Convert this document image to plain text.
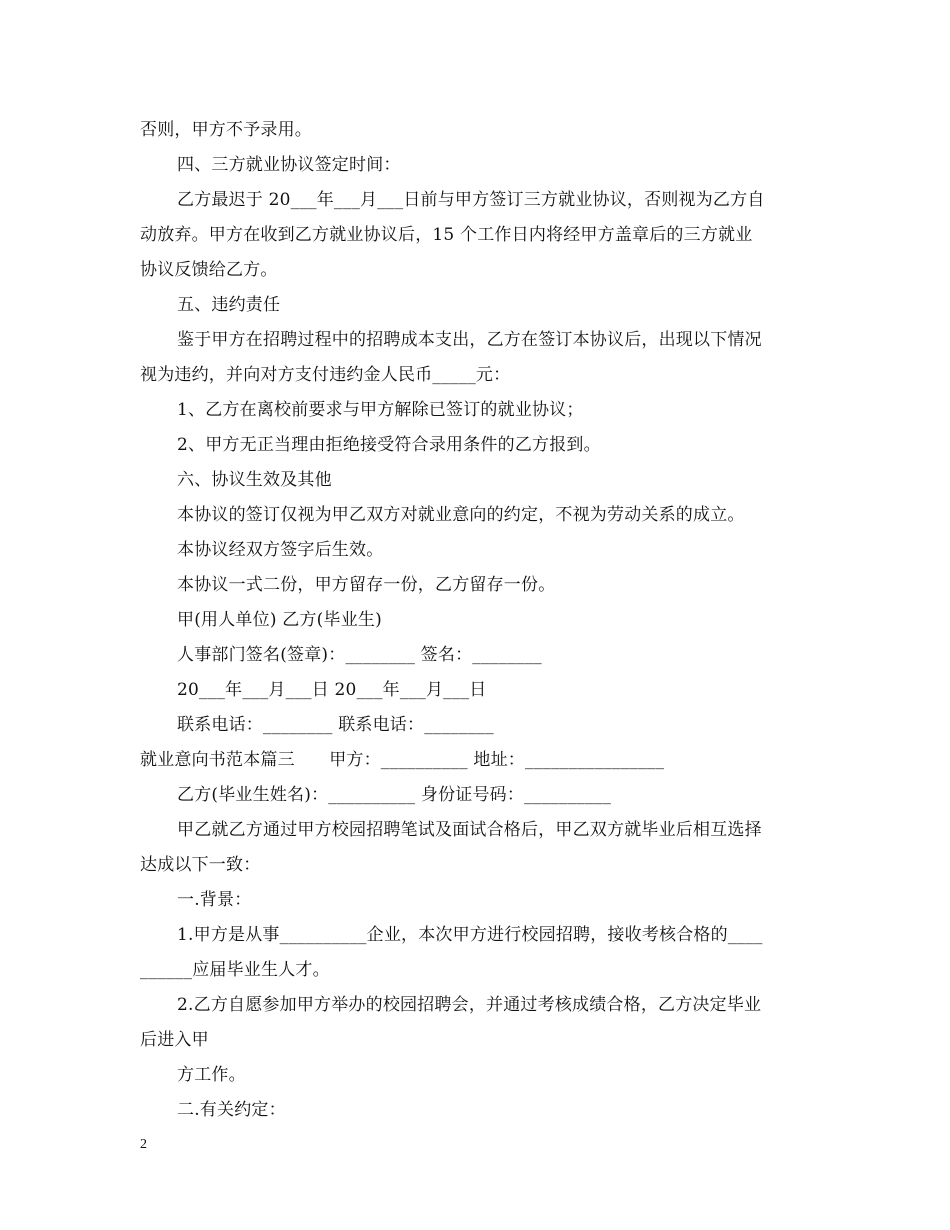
否则，甲方不予录用。
四、三方就业协议签定时间：
乙方最迟于 20___年___月___日前与甲方签订三方就业协议，否则视为乙方自
动放弃。甲方在收到乙方就业协议后，15 个工作日内将经甲方盖章后的三方就业
协议反馈给乙方。
五、违约责任
鉴于甲方在招聘过程中的招聘成本支出，乙方在签订本协议后，出现以下情况
视为违约，并向对方支付违约金人民币_____元：
1、乙方在离校前要求与甲方解除已签订的就业协议；
2、甲方无正当理由拒绝接受符合录用条件的乙方报到。
六、协议生效及其他
本协议的签订仅视为甲乙双方对就业意向的约定，不视为劳动关系的成立。
本协议经双方签字后生效。
本协议一式二份，甲方留存一份，乙方留存一份。
甲(用人单位) 乙方(毕业生)
人事部门签名(签章)：________ 签名：________
20___年___月___日 20___年___月___日
联系电话：________ 联系电话：________
就业意向书范本篇三　　甲方：__________ 地址：________________
乙方(毕业生姓名)：__________ 身份证号码：__________
甲乙就乙方通过甲方校园招聘笔试及面试合格后，甲乙双方就毕业后相互选择
达成以下一致：
一.背景：
1.甲方是从事__________企业，本次甲方进行校园招聘，接收考核合格的____
______应届毕业生人才。
2.乙方自愿参加甲方举办的校园招聘会，并通过考核成绩合格，乙方决定毕业
后进入甲
方工作。
二.有关约定：
2
